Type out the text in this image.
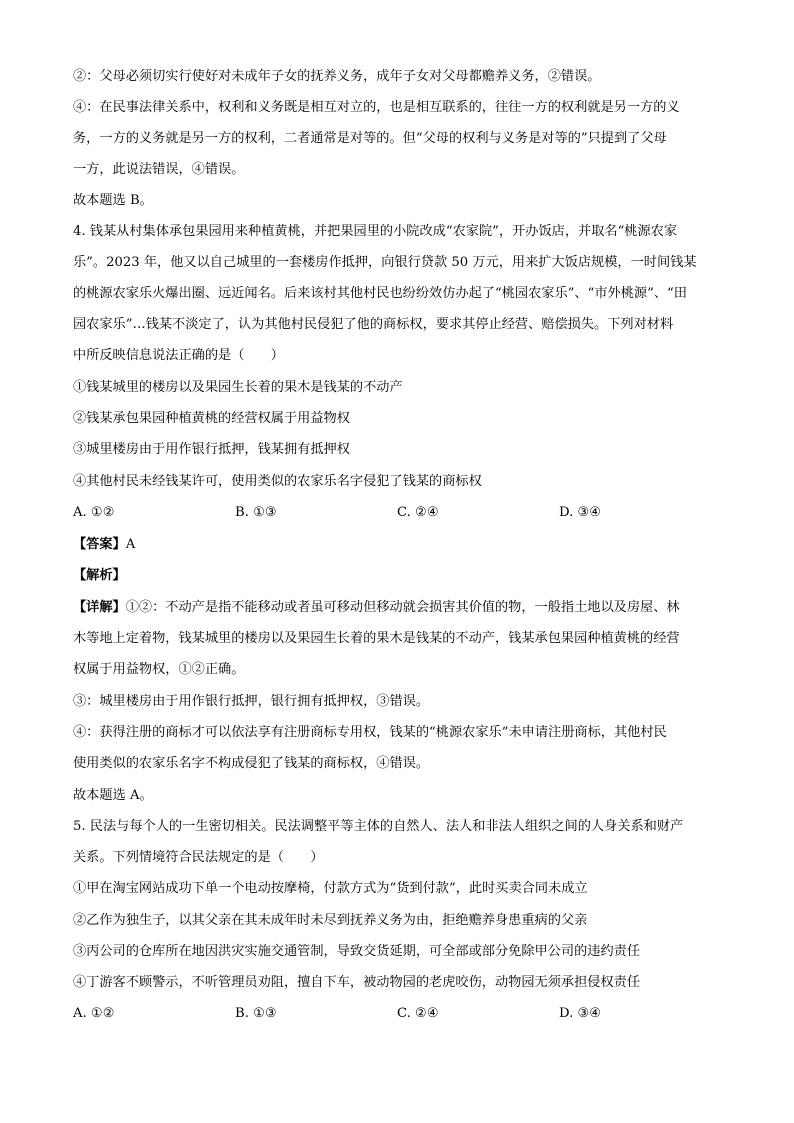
②：父母必须切实行使好对未成年子女的抚养义务，成年子女对父母都赡养义务，②错误。
④：在民事法律关系中，权利和义务既是相互对立的，也是相互联系的，往往一方的权利就是另一方的义
务，一方的义务就是另一方的权利，二者通常是对等的。但“父母的权利与义务是对等的”只提到了父母
一方，此说法错误，④错误。
故本题选 B。
4. 钱某从村集体承包果园用来种植黄桃，并把果园里的小院改成“农家院”，开办饭店，并取名“桃源农家
乐”。2023 年，他又以自己城里的一套楼房作抵押，向银行贷款 50 万元，用来扩大饭店规模，一时间钱某
的桃源农家乐火爆出圈、远近闻名。后来该村其他村民也纷纷效仿办起了“桃园农家乐”、“市外桃源”、“田
园农家乐”…钱某不淡定了，认为其他村民侵犯了他的商标权，要求其停止经营、赔偿损失。下列对材料
中所反映信息说法正确的是（　　）
①钱某城里的楼房以及果园生长着的果木是钱某的不动产
②钱某承包果园种植黄桃的经营权属于用益物权
③城里楼房由于用作银行抵押，钱某拥有抵押权
④其他村民未经钱某许可，使用类似的农家乐名字侵犯了钱某的商标权
A. ①②	B. ①③	C. ②④	D. ③④
【答案】A
【解析】
【详解】①②：不动产是指不能移动或者虽可移动但移动就会损害其价值的物，一般指土地以及房屋、林
木等地上定着物，钱某城里的楼房以及果园生长着的果木是钱某的不动产，钱某承包果园种植黄桃的经营
权属于用益物权，①②正确。
③：城里楼房由于用作银行抵押，银行拥有抵押权，③错误。
④：获得注册的商标才可以依法享有注册商标专用权，钱某的“桃源农家乐”未申请注册商标，其他村民
使用类似的农家乐名字不构成侵犯了钱某的商标权，④错误。
故本题选 A。
5. 民法与每个人的一生密切相关。民法调整平等主体的自然人、法人和非法人组织之间的人身关系和财产
关系。下列情境符合民法规定的是（　　）
①甲在淘宝网站成功下单一个电动按摩椅，付款方式为“货到付款”，此时买卖合同未成立
②乙作为独生子，以其父亲在其未成年时未尽到抚养义务为由，拒绝赡养身患重病的父亲
③丙公司的仓库所在地因洪灾实施交通管制，导致交货延期，可全部或部分免除甲公司的违约责任
④丁游客不顾警示，不听管理员劝阻，擅自下车，被动物园的老虎咬伤，动物园无须承担侵权责任
A. ①②	B. ①③	C. ②④	D. ③④
